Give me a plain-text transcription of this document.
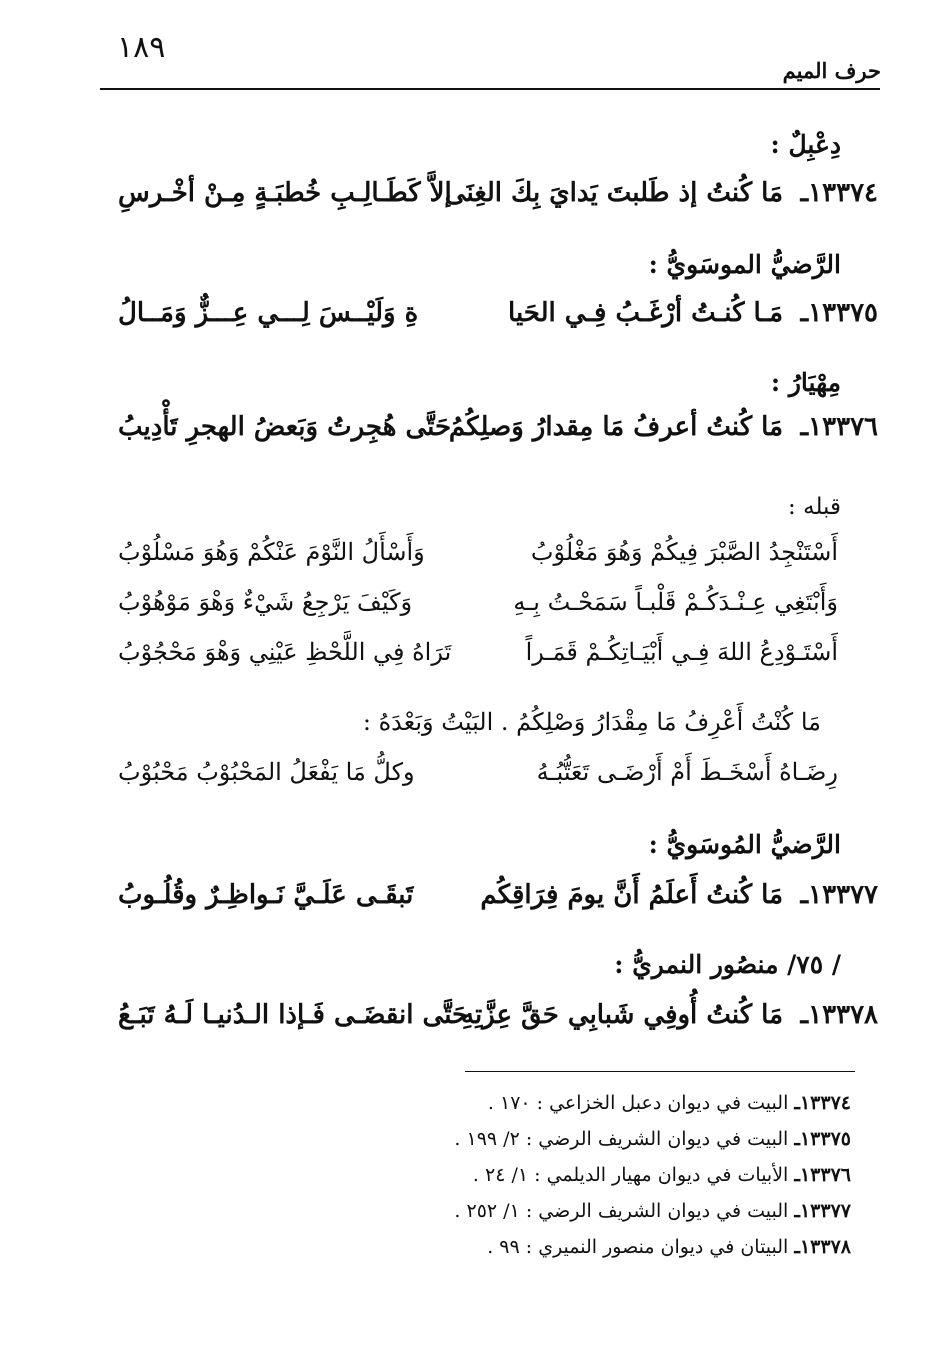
١٨٩
حرف الميم
دِعْبِلٌ :
١٣٣٧٤ـ
مَا كُنتُ إذ طَلبتَ يَدايَ بِكَ الغِنَى
إلاَّ كَطَـالِـبِ خُطبَـةٍ مِـنْ أخْـرسِ
الرَّضيُّ الموسَويُّ :
١٣٣٧٥ـ
مَـا كُنـتُ أرْغَـبُ فِـي الحَيا
ةِ وَلَيْــسَ لِـــي عِـــزٌّ وَمَــالُ
مِهْيَارُ :
١٣٣٧٦ـ
مَا كُنتُ أعرفُ مَا مِقدارُ وَصلِكُمُ
حَتَّى هُجِرتُ وَبَعضُ الهجرِ تَأْدِيبُ
قبله :
أَسْتَنْجِدُ الصَّبْرَ فِيكُمْ وَهُوَ مَغْلُوْبُ
وَأَسْأَلُ النَّوْمَ عَنْكُمْ وَهُوَ مَسْلُوْبُ
وَأَبْتَغِي عِـنْـدَكُـمْ قَلْبـاً سَمَحْـتُ بِـهِ
وَكَيْفَ يَرْجِعُ شَيْءٌ وَهْوَ مَوْهُوْبُ
أَسْتَـوْدِعُ اللهَ فِـي أَبْيَـاتِكُـمْ قَمَـراً
تَرَاهُ فِي اللَّحْظِ عَيْنِي وَهْوَ مَحْجُوْبُ
مَا كُنْتُ أَعْرِفُ مَا مِقْدَارُ وَصْلِكُمُ . البَيْتُ وَبَعْدَهُ :
رِضَـاهُ أَسْخَـطَ أَمْ أَرْضَـى تَعَتُّبُـهُ
وكلُّ مَا يَفْعَلُ المَحْبُوْبُ مَحْبُوْبُ
الرَّضيُّ المُوسَويُّ :
١٣٣٧٧ـ
مَا كُنتُ أَعلَمُ أَنَّ يومَ فِرَاقِكُم
تَبقَـى عَلَـيَّ نَـواظِـرٌ وقُلُـوبُ
/ ٧٥/ منصُور النمريُّ :
١٣٣٧٨ـ
مَا كُنتُ أُوفِي شَبابِي حَقَّ عِزَّتِهِ
حَتَّى انقضَـى فَـإذا الـدُنيـا لَـهُ تَبَـعُ
١٣٣٧٤ـ البيت في ديوان دعبل الخزاعي : ١٧٠ .
١٣٣٧٥ـ البيت في ديوان الشريف الرضي : ٢/ ١٩٩ .
١٣٣٧٦ـ الأبيات في ديوان مهيار الديلمي : ١/ ٢٤ .
١٣٣٧٧ـ البيت في ديوان الشريف الرضي : ١/ ٢٥٢ .
١٣٣٧٨ـ البيتان في ديوان منصور النميري : ٩٩ .
